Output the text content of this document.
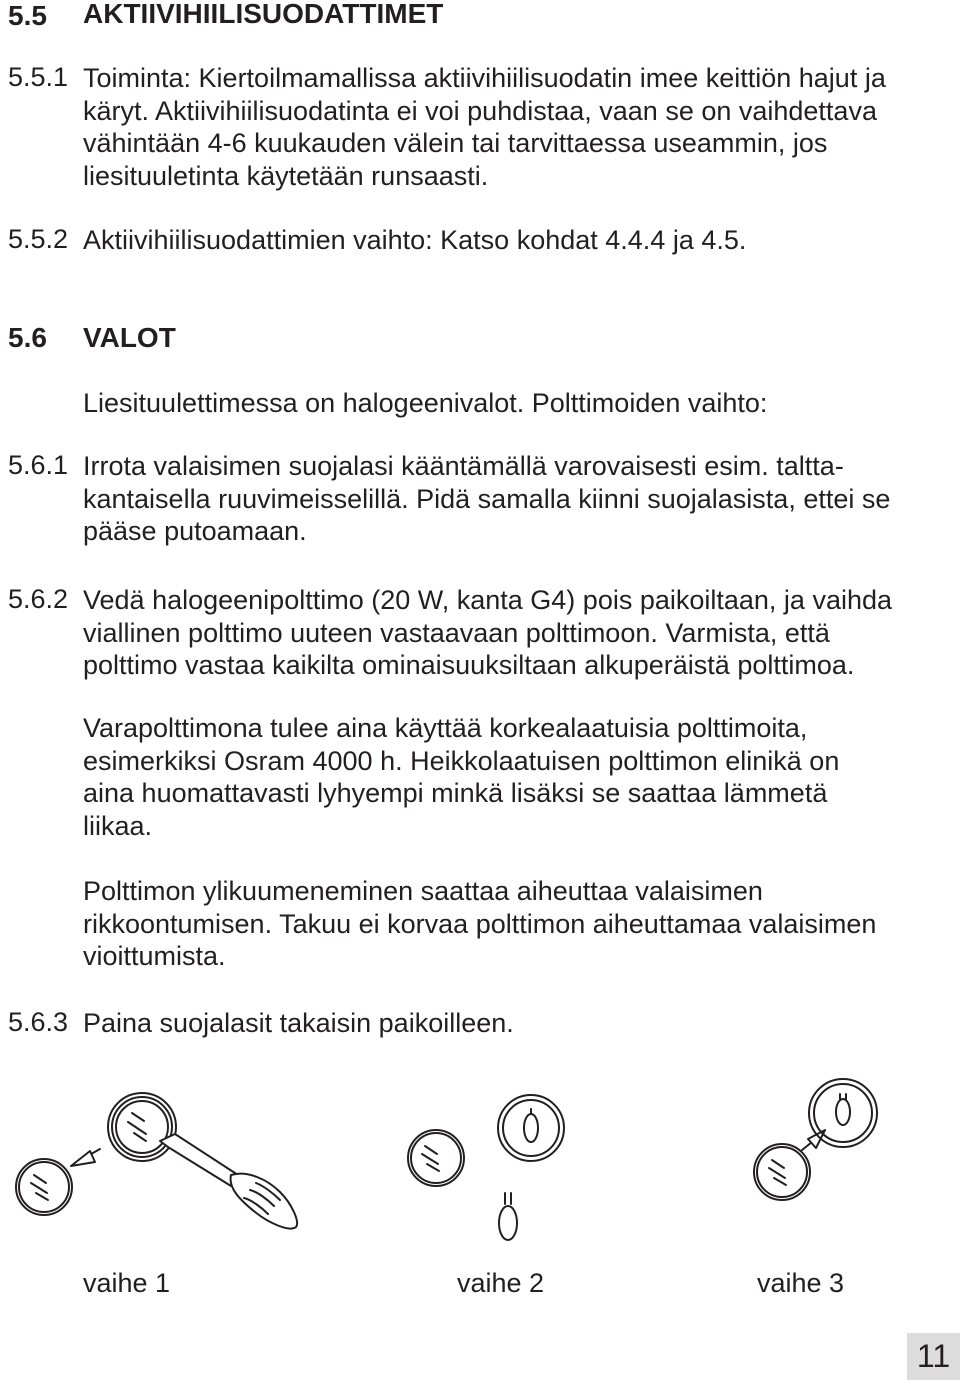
5.5 AKTIIVIHIILISUODATTIMET
5.5.1 Toiminta: Kiertoilmamallissa aktiivihiilisuodatin imee keittiön hajut ja
käryt. Aktiivihiilisuodatinta ei voi puhdistaa, vaan se on vaihdettava
vähintään 4-6 kuukauden välein tai tarvittaessa useammin, jos
liesituuletinta käytetään runsaasti.
5.5.2 Aktiivihiilisuodattimien vaihto: Katso kohdat 4.4.4 ja 4.5.
5.6 VALOT
Liesituulettimessa on halogeenivalot. Polttimoiden vaihto:
5.6.1 Irrota valaisimen suojalasi kääntämällä varovaisesti esim. taltta-
kantaisella ruuvimeisselillä. Pidä samalla kiinni suojalasista, ettei se
pääse putoamaan.
5.6.2 Vedä halogeenipolttimo (20 W, kanta G4) pois paikoiltaan, ja vaihda
viallinen polttimo uuteen vastaavaan polttimoon. Varmista, että
polttimo vastaa kaikilta ominaisuuksiltaan alkuperäistä polttimoa.
Varapolttimona tulee aina käyttää korkealaatuisia polttimoita,
esimerkiksi Osram 4000 h. Heikkolaatuisen polttimon elinikä on
aina huomattavasti lyhyempi minkä lisäksi se saattaa lämmetä
liikaa.
Polttimon ylikuumeneminen saattaa aiheuttaa valaisimen
rikkoontumisen. Takuu ei korvaa polttimon aiheuttamaa valaisimen
vioittumista.
5.6.3 Paina suojalasit takaisin paikoilleen.
vaihe 1	vaihe 2	vaihe 3
11
